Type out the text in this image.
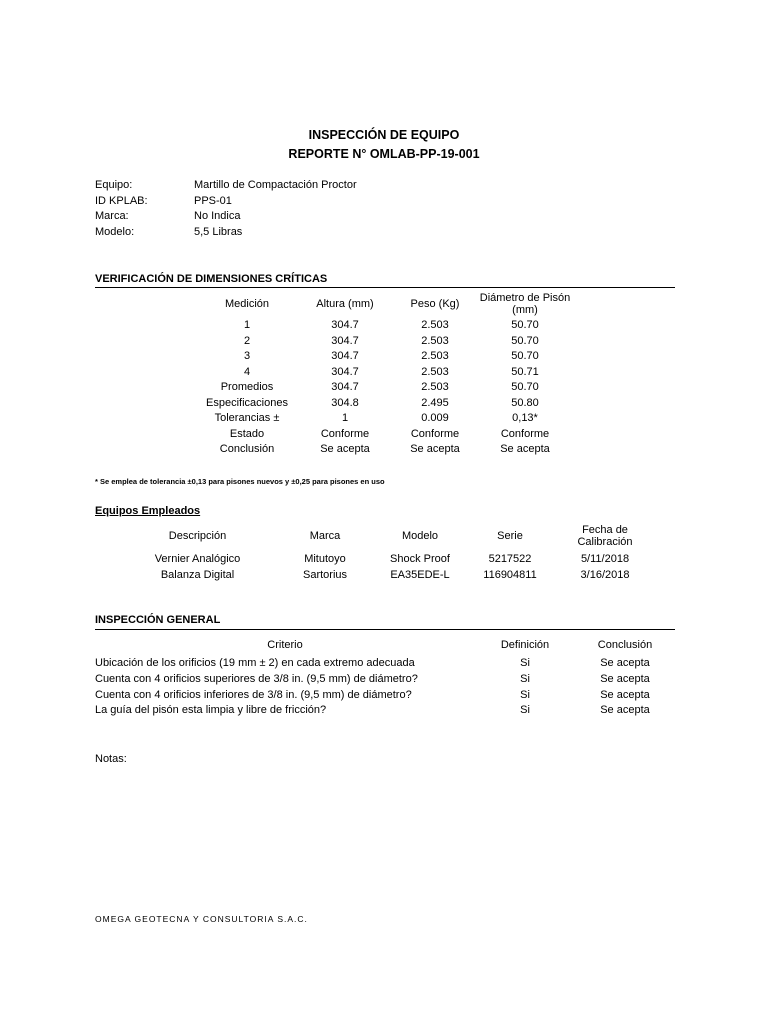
INSPECCIÓN DE EQUIPO
REPORTE N° OMLAB-PP-19-001
Equipo:	Martillo de Compactación Proctor
ID KPLAB:	PPS-01
Marca:	No Indica
Modelo:	5,5 Libras
VERIFICACIÓN DE DIMENSIONES CRÍTICAS
Medición	Altura (mm)	Peso (Kg)	Diámetro de Pisón (mm)
1	304.7	2.503	50.70
2	304.7	2.503	50.70
3	304.7	2.503	50.70
4	304.7	2.503	50.71
Promedios	304.7	2.503	50.70
Especificaciones	304.8	2.495	50.80
Tolerancias ±	1	0.009	0,13*
Estado	Conforme	Conforme	Conforme
Conclusión	Se acepta	Se acepta	Se acepta
* Se emplea de tolerancia ±0,13 para pisones nuevos y ±0,25 para pisones en uso
Equipos Empleados
Descripción	Marca	Modelo	Serie	Fecha de Calibración
Vernier Analógico	Mitutoyo	Shock Proof	5217522	5/11/2018
Balanza Digital	Sartorius	EA35EDE-L	116904811	3/16/2018
INSPECCIÓN GENERAL
Criterio	Definición	Conclusión
Ubicación de los orificios (19 mm ± 2) en cada extremo adecuada	Si	Se acepta
Cuenta con 4 orificios superiores de 3/8 in. (9,5 mm) de diámetro?	Si	Se acepta
Cuenta con 4 orificios inferiores de 3/8 in. (9,5 mm) de diámetro?	Si	Se acepta
La guía del pisón esta limpia y libre de fricción?	Si	Se acepta
Notas:
OMEGA GEOTECNA Y CONSULTORIA S.A.C.
